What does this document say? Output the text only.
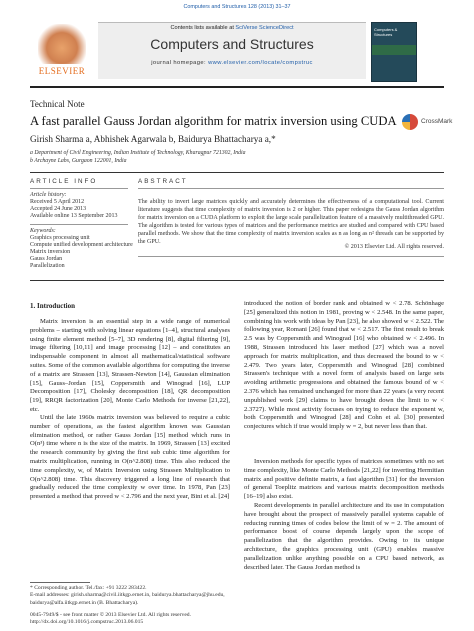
Computers and Structures 128 (2013) 31–37
ELSEVIER
Contents lists available at SciVerse ScienceDirect
Computers and Structures
journal homepage: www.elsevier.com/locate/compstruc
Computers & Structures
Technical Note
A fast parallel Gauss Jordan algorithm for matrix inversion using CUDA	CrossMark
Girish Sharma a, Abhishek Agarwala b, Baidurya Bhattacharya a,*
a Department of Civil Engineering, Indian Institute of Technology, Kharagpur 721302, India
b Archayne Labs, Gurgaon 122001, India
ARTICLE INFO
Article history:
Received 5 April 2012
Accepted 24 June 2013
Available online 13 September 2013
Keywords:
Graphics processing unit
Compute unified development architecture
Matrix inversion
Gauss Jordan
Parallelization
ABSTRACT
The ability to invert large matrices quickly and accurately determines the effectiveness of a computational tool. Current literature suggests that time complexity of matrix inversion is 2 or higher. This paper redesigns the Gauss Jordan algorithm for matrix inversion on a CUDA platform to exploit the large scale parallelization feature of a massively multithreaded GPU. The algorithm is tested for various types of matrices and the performance metrics are studied and compared with CPU based parallel methods. We show that the time complexity of matrix inversion scales as n as long as n² threads can be supported by the GPU.
© 2013 Elsevier Ltd. All rights reserved.
1. Introduction
Matrix inversion is an essential step in a wide range of numerical problems – starting with solving linear equations [1–4], structural analyses using finite element method [5–7], 3D rendering [8], digital filtering [9], image filtering [10,11] and image processing [12] – and constitutes an indispensable component in almost all mathematical/statistical software suites. Some of the common available algorithms for computing the inverse of a matrix are Strassen [13], Strassen-Newton [14], Gaussian elimination [15], Gauss–Jordan [15], Coppersmith and Winograd [16], LUP Decomposition [17], Cholesky decomposition [18], QR decomposition [19], RRQR factorization [20], Monte Carlo Methods for inverse [21,22], etc.
Until the late 1960s matrix inversion was believed to require a cubic number of operations, as the fastest algorithm known was Gaussian elimination method, or rather Gauss Jordan [15] method which runs in O(n³) time where n is the size of the matrix. In 1969, Strassen [13] excited the research community by giving the first sub cubic time algorithm for matrix multiplication, running in O(n^2.808) time. This also reduced the time complexity, w, of Matrix Inversion using Strassen Multiplication to O(n^2.808) time. This discovery triggered a long line of research that gradually reduced the time complexity w over time. In 1978, Pan [23] presented a method that proved w < 2.796 and the next year, Bini et al. [24]
introduced the notion of border rank and obtained w < 2.78. Schönhage [25] generalized this notion in 1981, proving w < 2.548. In the same paper, combining his work with ideas by Pan [23], he also showed w < 2.522. The following year, Romani [26] found that w < 2.517. The first result to break 2.5 was by Coppersmith and Winograd [16] who obtained w < 2.496. In 1988, Strassen introduced his laser method [27] which was a novel approach for matrix multiplication, and thus decreased the bound to w < 2.479. Two years later, Coppersmith and Winograd [28] combined Strassen's technique with a novel form of analysis based on large sets avoiding arithmetic progressions and obtained the famous bound of w < 2.376 which has remained unchanged for more than 22 years (a very recent unpublished work [29] claims to have brought down the limit to w < 2.3727). While most activity focuses on trying to reduce the exponent w, both Coppersmith and Winograd [28] and Cohn et al. [30] presented conjectures which if true would imply w = 2, but never less than that.
Inversion methods for specific types of matrices sometimes with no set time complexity, like Monte Carlo Methods [21,22] for inverting Hermitian matrix and positive definite matrix, a fast algorithm [31] for the inversion of general Toeplitz matrices and various matrix decomposition methods [16–19] also exist.
Recent developments in parallel architecture and its use in computation have brought about the prospect of massively parallel systems capable of reducing running times of codes below the limit of w = 2. The amount of performance boost of course depends largely upon the scope of parallelization that the algorithm provides. Owing to its unique architecture, the graphics processing unit (GPU) enables massive parallelization unlike anything possible on a CPU based network, as described later. The Gauss Jordan method is
* Corresponding author. Tel./fax: +91 3222 283422.
E-mail addresses: girish.sharma@civil.iitkgp.ernet.in, baidurya.bhattacharya@jhu.edu, baidurya@alfa.iitkgp.ernet.in (B. Bhattacharya).
0045-7949/$ - see front matter © 2013 Elsevier Ltd. All rights reserved.
http://dx.doi.org/10.1016/j.compstruc.2013.06.015
